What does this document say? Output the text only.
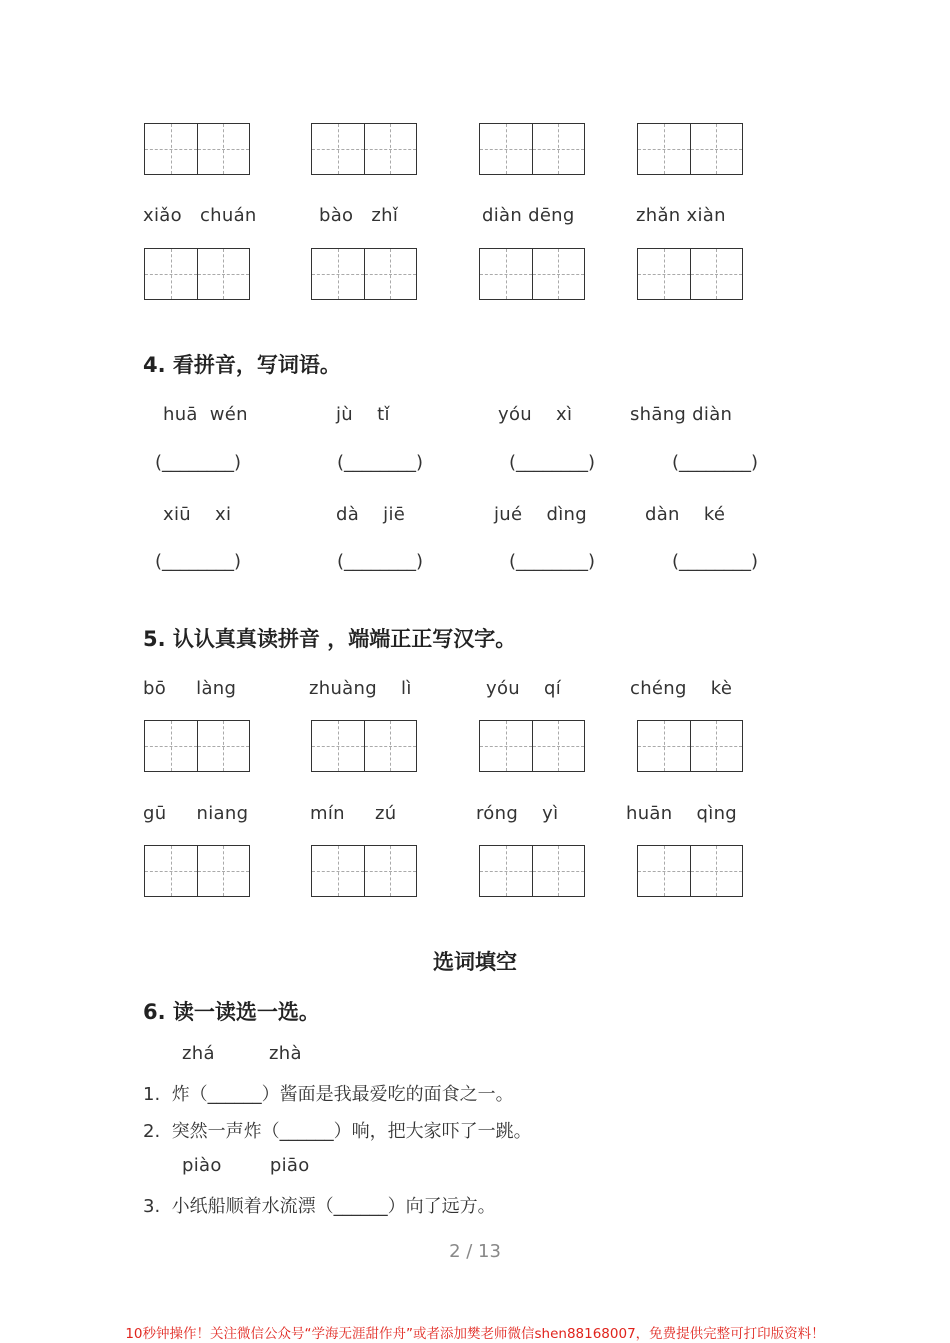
xiǎo   chuán	bào   zhǐ	diàn dēng	zhǎn xiàn
4. 看拼音，写词语。
huā  wén	jù    tǐ	yóu    xì	shāng diàn
(________)	(________)	(________)	(________)
xiū    xi	dà    jiē	jué    dìng	dàn    ké
(________)	(________)	(________)	(________)
5. 认认真真读拼音 ，端端正正写汉字。
bō     làng	zhuàng    lì	yóu    qí	chéng    kè
gū     niang	mín     zú	róng    yì	huān    qìng
选词填空
6. 读一读选一选。
zhá         zhà
1.  炸（______）酱面是我最爱吃的面食之一。
2.  突然一声炸（______）响，把大家吓了一跳。
piào        piāo
3.  小纸船顺着水流漂（______）向了远方。
2 / 13
10秒钟操作！关注微信公众号“学海无涯甜作舟”或者添加樊老师微信shen88168007，免费提供完整可打印版资料！
